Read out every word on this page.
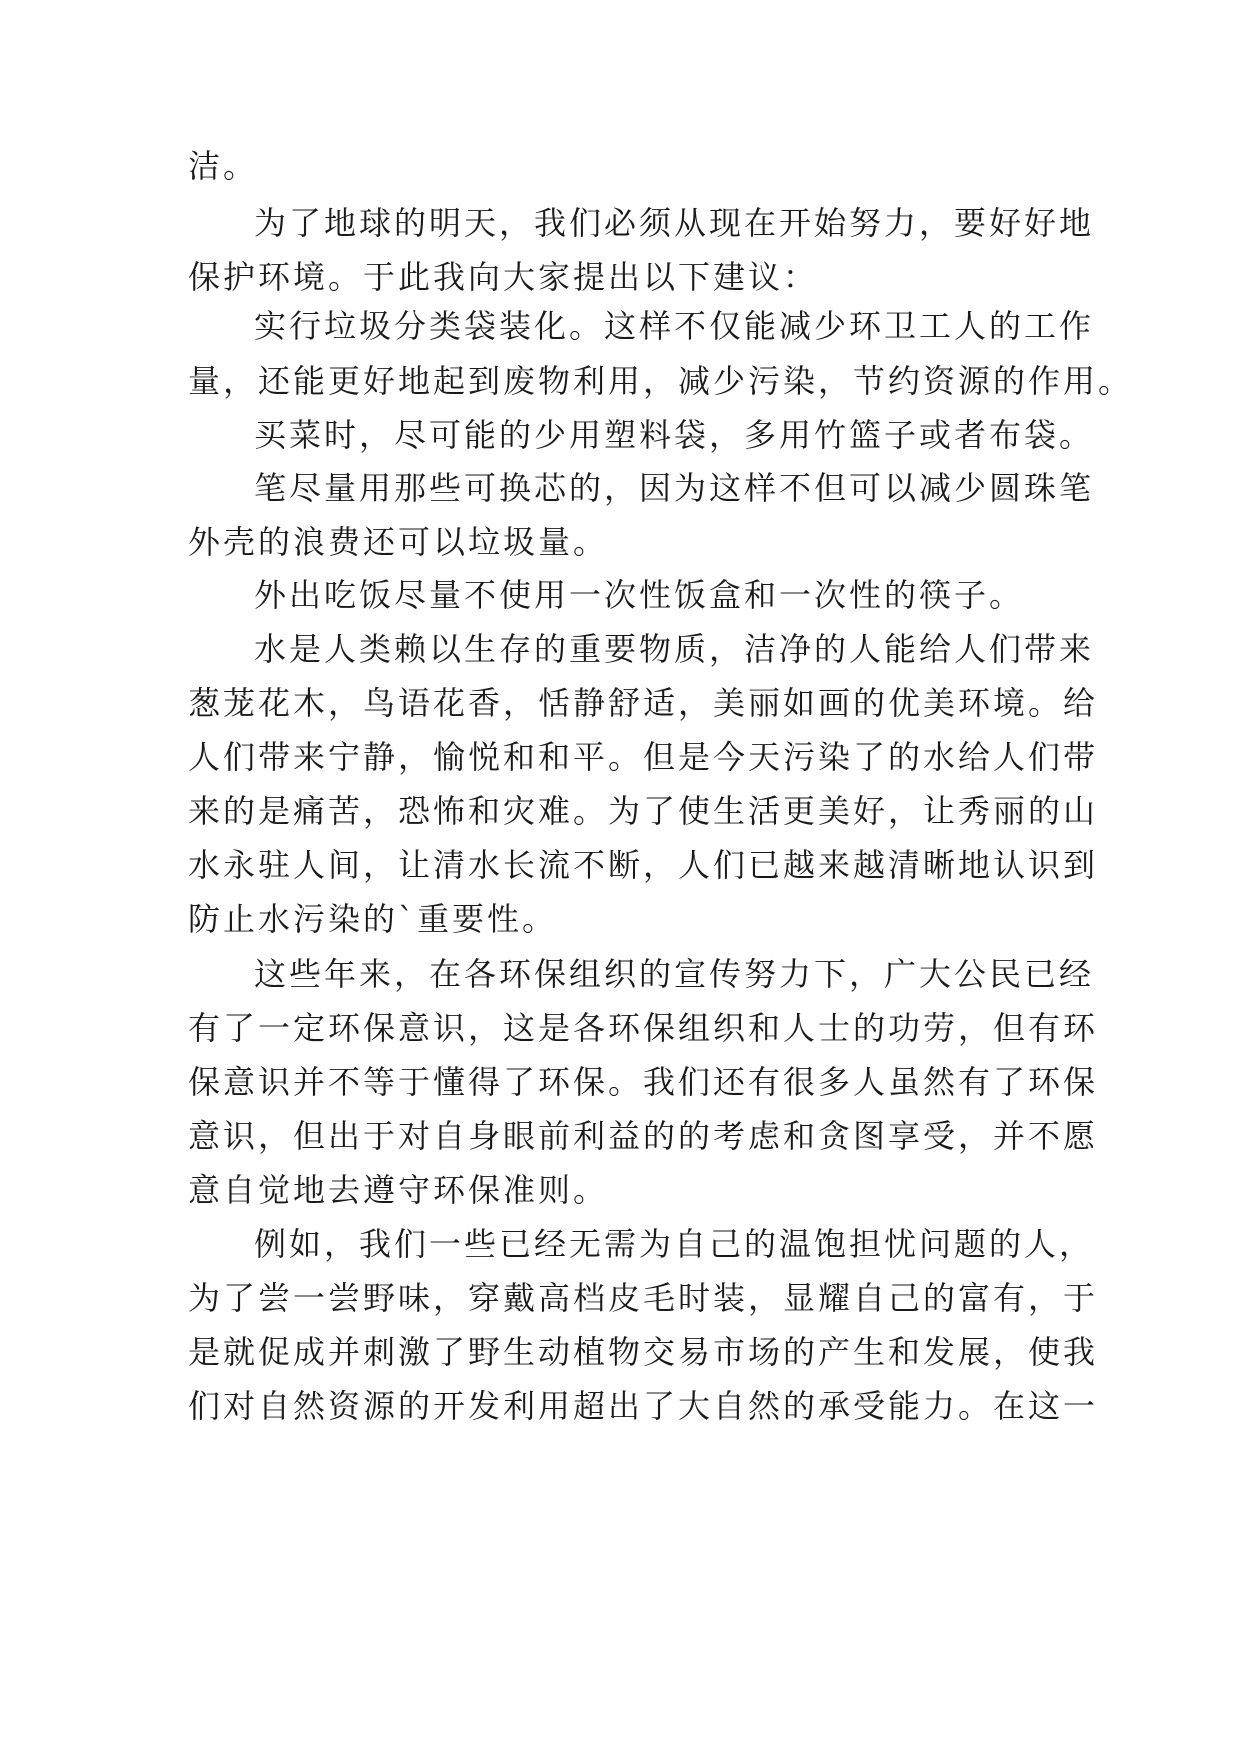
洁。
为了地球的明天，我们必须从现在开始努力，要好好地
保护环境。于此我向大家提出以下建议：
实行垃圾分类袋装化。这样不仅能减少环卫工人的工作
量，还能更好地起到废物利用，减少污染，节约资源的作用。
买菜时，尽可能的少用塑料袋，多用竹篮子或者布袋。
笔尽量用那些可换芯的，因为这样不但可以减少圆珠笔
外壳的浪费还可以垃圾量。
外出吃饭尽量不使用一次性饭盒和一次性的筷子。
水是人类赖以生存的重要物质，洁净的人能给人们带来
葱茏花木，鸟语花香，恬静舒适，美丽如画的优美环境。给
人们带来宁静，愉悦和和平。但是今天污染了的水给人们带
来的是痛苦，恐怖和灾难。为了使生活更美好，让秀丽的山
水永驻人间，让清水长流不断，人们已越来越清晰地认识到
防止水污染的`重要性。
这些年来，在各环保组织的宣传努力下，广大公民已经
有了一定环保意识，这是各环保组织和人士的功劳，但有环
保意识并不等于懂得了环保。我们还有很多人虽然有了环保
意识，但出于对自身眼前利益的的考虑和贪图享受，并不愿
意自觉地去遵守环保准则。
例如，我们一些已经无需为自己的温饱担忧问题的人，
为了尝一尝野味，穿戴高档皮毛时装，显耀自己的富有，于
是就促成并刺激了野生动植物交易市场的产生和发展，使我
们对自然资源的开发利用超出了大自然的承受能力。在这一
